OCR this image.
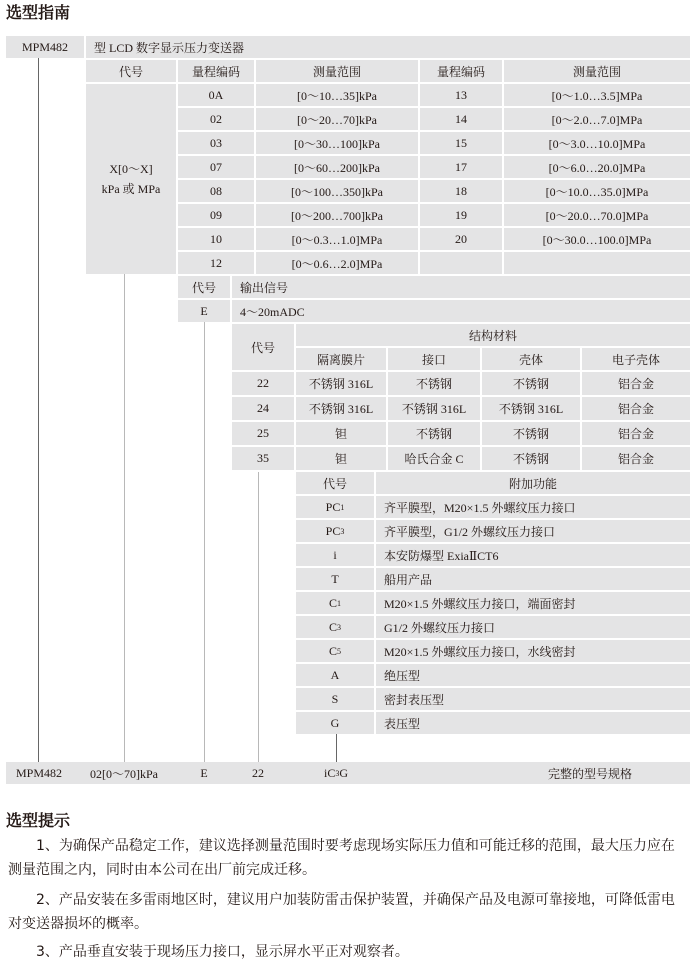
选型指南
MPM482	型 LCD 数字显示压力变送器
代号	量程编码	测量范围	量程编码	测量范围
X[0～X]
kPa 或 MPa
0A	[0～10…35]kPa	13	[0～1.0…3.5]MPa
02	[0～20…70]kPa	14	[0～2.0…7.0]MPa
03	[0～30…100]kPa	15	[0～3.0…10.0]MPa
07	[0～60…200]kPa	17	[0～6.0…20.0]MPa
08	[0～100…350]kPa	18	[0～10.0…35.0]MPa
09	[0～200…700]kPa	19	[0～20.0…70.0]MPa
10	[0～0.3…1.0]MPa	20	[0～30.0…100.0]MPa
12	[0～0.6…2.0]MPa
代号	输出信号
E	4～20mADC
代号
结构材料
隔离膜片	接口	壳体	电子壳体
22	不锈钢 316L	不锈钢	不锈钢	铝合金
24	不锈钢 316L	不锈钢 316L	不锈钢 316L	铝合金
25	钽	不锈钢	不锈钢	铝合金
35	钽	哈氏合金 C	不锈钢	铝合金
代号	附加功能
PC 1	齐平膜型，M20×1.5 外螺纹压力接口
PC 3	齐平膜型，G1/2 外螺纹压力接口
i	本安防爆型 ExiaⅡCT6
T	船用产品
C 1	M20×1.5 外螺纹压力接口，端面密封
C 3	G1/2 外螺纹压力接口
C 5	M20×1.5 外螺纹压力接口，水线密封
A	绝压型
S	密封表压型
G	表压型
MPM482	02[0～70]kPa	E	22	iC 3 G	完整的型号规格
选型提示
1、为确保产品稳定工作，建议选择测量范围时要考虑现场实际压力值和可能迁移的范围，最大压力应在测量范围之内，同时由本公司在出厂前完成迁移。
2、产品安装在多雷雨地区时，建议用户加装防雷击保护装置，并确保产品及电源可靠接地，可降低雷电对变送器损坏的概率。
3、产品垂直安装于现场压力接口，显示屏水平正对观察者。
